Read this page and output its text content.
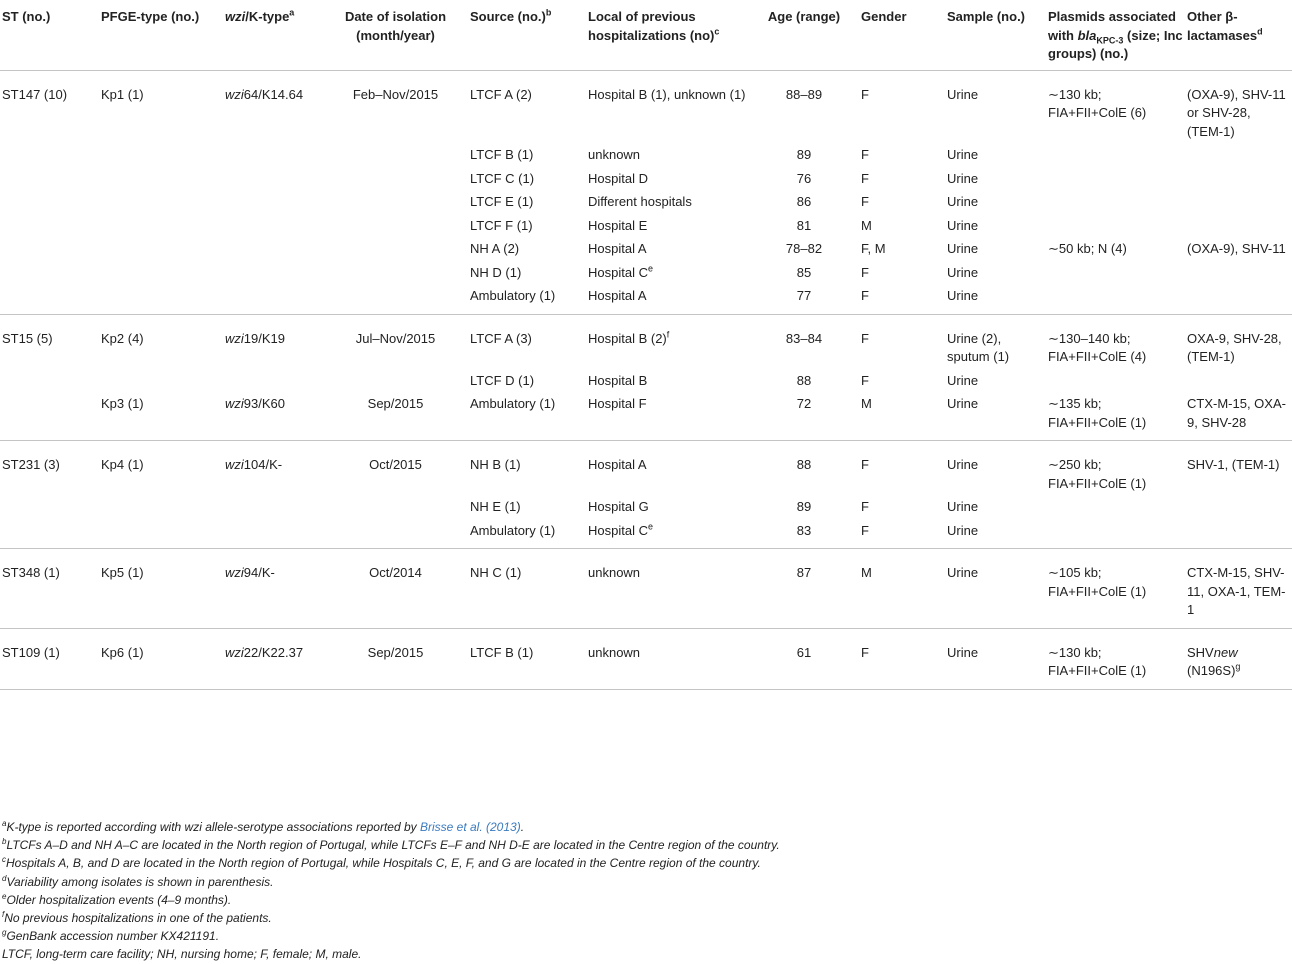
ST (no.)	PFGE-type (no.)	wzi/K-type$^a$	Date of isolation (month/year)	Source $(no.)^b$	Local of previous hospitalizations (no)$^c$	Age (range)	Gender	Sample (no.)	Plasmids associated with bla$_{KPC-3}$ (size; Inc groups) (no.)	Other β-lactamases$^d$
ST147 (10)	Kp1 (1)	wzi64/K14.64	Feb–Nov/2015	LTCF A (2)	Hospital B (1), unknown (1)	88–89	F	Urine	∼130 kb; FIA+FII+ColE (6)	(OXA-9), SHV-11 or SHV-28, (TEM-1)
				LTCF B (1)	unknown	89	F	Urine		
				LTCF C (1)	Hospital D	76	F	Urine		
				LTCF E (1)	Different hospitals	86	F	Urine		
				LTCF F (1)	Hospital E	81	M	Urine		
				NH A (2)	Hospital A	78–82	F, M	Urine	∼50 kb; N (4)	(OXA-9), SHV-11
				NH D (1)	Hospital Ce	85	F	Urine		
				Ambulatory (1)	Hospital A	77	F	Urine		
ST15 (5)	Kp2 (4)	wzi19/K19	Jul–Nov/2015	LTCF A (3)	Hospital B $(2)^f$	83–84	F	Urine (2), sputum (1)	∼130–140 kb; FIA+FII+ColE (4)	OXA-9, SHV-28, (TEM-1)
				LTCF D (1)	Hospital B	88	F	Urine		
	Kp3 (1)	wzi93/K60	Sep/2015	Ambulatory (1)	Hospital F	72	M	Urine	∼135 kb; FIA+FII+ColE (1)	CTX-M-15, OXA-9, SHV-28
ST231 (3)	Kp4 (1)	wzi104/K-	Oct/2015	NH B (1)	Hospital A	88	F	Urine	∼250 kb; FIA+FII+ColE (1)	SHV-1, (TEM-1)
				NH E (1)	Hospital G	89	F	Urine		
				Ambulatory (1)	Hospital Ce	83	F	Urine		
ST348 (1)	Kp5 (1)	wzi94/K-	Oct/2014	NH C (1)	unknown	87	M	Urine	∼105 kb; FIA+FII+ColE (1)	CTX-M-15, SHV-11, OXA-1, TEM-1
ST109 (1)	Kp6 (1)	wzi22/K22.37	Sep/2015	LTCF B (1)	unknown	61	F	Urine	∼130 kb; FIA+FII+ColE (1)	SHVnew $(N196S)^g$
$^a$K-type is reported according with wzi allele-serotype associations reported by Brisse et al. (2013).
$^b$LTCFs A–D and NH A–C are located in the North region of Portugal, while LTCFs E–F and NH D-E are located in the Centre region of the country.
$^c$Hospitals A, B, and D are located in the North region of Portugal, while Hospitals C, E, F, and G are located in the Centre region of the country.
$^d$Variability among isolates is shown in parenthesis.
$^e$Older hospitalization events (4–9 months).
$^f$No previous hospitalizations in one of the patients.
$^g$GenBank accession number KX421191.
LTCF, long-term care facility; NH, nursing home; F, female; M, male.
